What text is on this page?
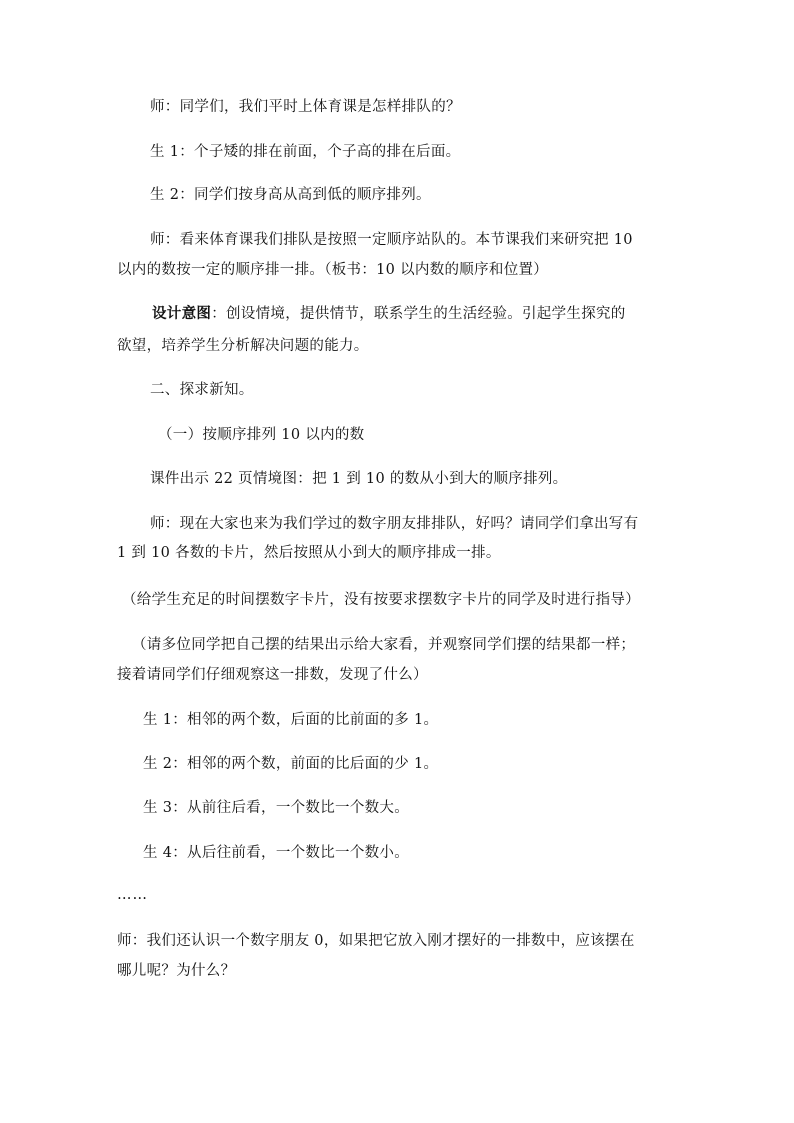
师：同学们，我们平时上体育课是怎样排队的？
生 1：个子矮的排在前面，个子高的排在后面。
生 2：同学们按身高从高到低的顺序排列。
师：看来体育课我们排队是按照一定顺序站队的。本节课我们来研究把 10
以内的数按一定的顺序排一排。（板书：10 以内数的顺序和位置）
设计意图：创设情境，提供情节，联系学生的生活经验。引起学生探究的
欲望，培养学生分析解决问题的能力。
二、探求新知。
（一）按顺序排列 10 以内的数
课件出示 22 页情境图：把 1 到 10 的数从小到大的顺序排列。
师：现在大家也来为我们学过的数字朋友排排队，好吗？请同学们拿出写有
1 到 10 各数的卡片，然后按照从小到大的顺序排成一排。
（给学生充足的时间摆数字卡片，没有按要求摆数字卡片的同学及时进行指导）
（请多位同学把自己摆的结果出示给大家看，并观察同学们摆的结果都一样；
接着请同学们仔细观察这一排数，发现了什么）
生 1：相邻的两个数，后面的比前面的多 1。
生 2：相邻的两个数，前面的比后面的少 1。
生 3：从前往后看，一个数比一个数大。
生 4：从后往前看，一个数比一个数小。
……
师：我们还认识一个数字朋友 0，如果把它放入刚才摆好的一排数中，应该摆在
哪儿呢？为什么？
